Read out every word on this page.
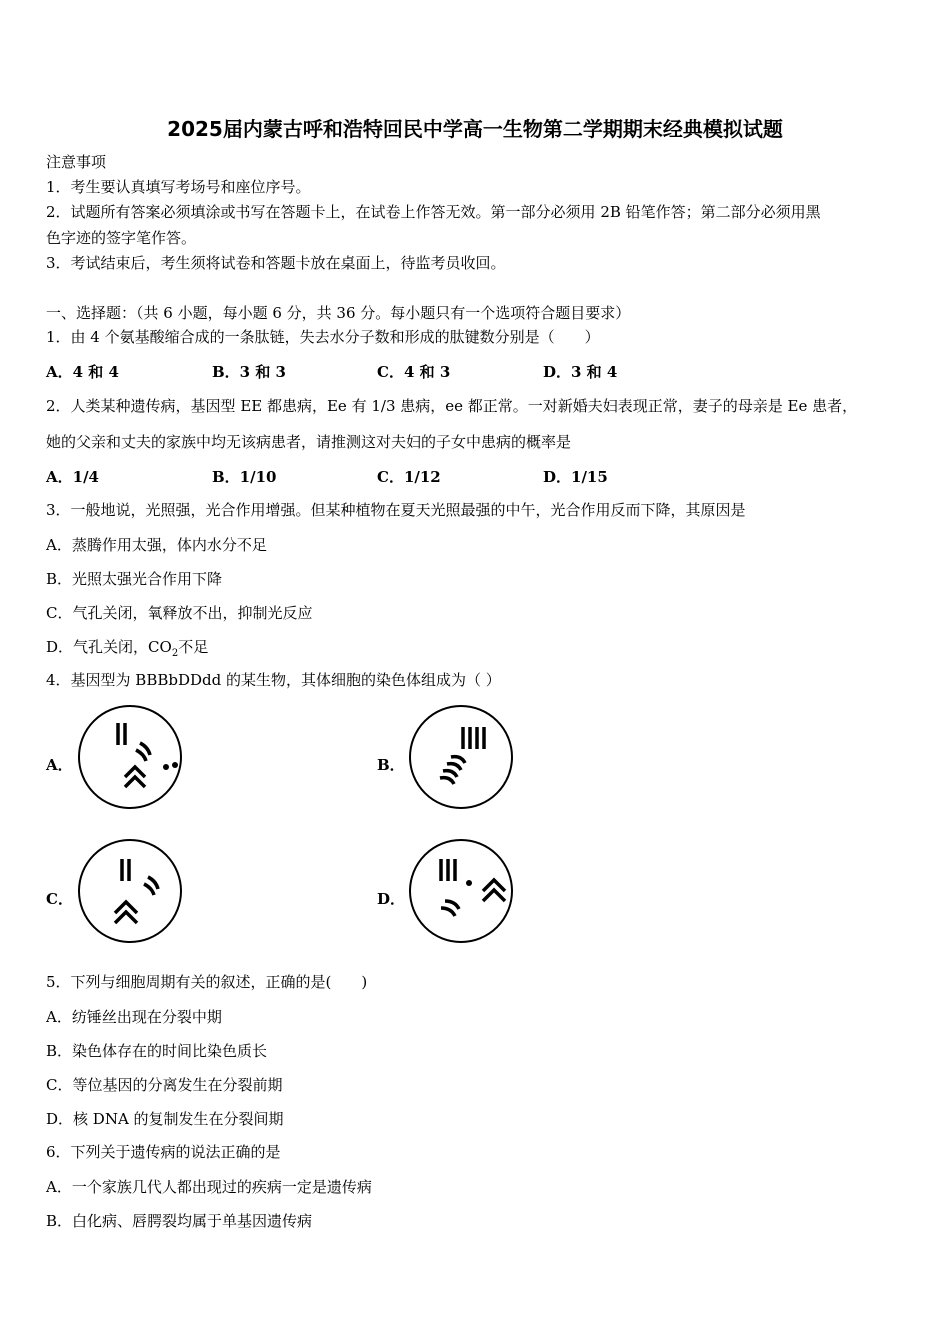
2025届内蒙古呼和浩特回民中学高一生物第二学期期末经典模拟试题
注意事项
1．考生要认真填写考场号和座位序号。
2．试题所有答案必须填涂或书写在答题卡上，在试卷上作答无效。第一部分必须用 2B 铅笔作答；第二部分必须用黑
色字迹的签字笔作答。
3．考试结束后，考生须将试卷和答题卡放在桌面上，待监考员收回。
一、选择题：（共 6 小题，每小题 6 分，共 36 分。每小题只有一个选项符合题目要求）
1．由 4 个氨基酸缩合成的一条肽链，失去水分子数和形成的肽键数分别是（　　）
A．4 和 4	B．3 和 3	C．4 和 3	D．3 和 4
2．人类某种遗传病，基因型 EE 都患病，Ee 有 1/3 患病，ee 都正常。一对新婚夫妇表现正常，妻子的母亲是 Ee 患者，
她的父亲和丈夫的家族中均无该病患者，请推测这对夫妇的子女中患病的概率是
A．1/4	B．1/10	C．1/12	D．1/15
3．一般地说，光照强，光合作用增强。但某种植物在夏天光照最强的中午，光合作用反而下降，其原因是
A．蒸腾作用太强，体内水分不足
B．光照太强光合作用下降
C．气孔关闭，氧释放不出，抑制光反应
D．气孔关闭，$CO_2$不足
4．基因型为 BBBbDDdd 的某生物，其体细胞的染色体组成为（ ）
A．	B．
C．	D．
5．下列与细胞周期有关的叙述，正确的是(　　)
A．纺锤丝出现在分裂中期
B．染色体存在的时间比染色质长
C．等位基因的分离发生在分裂前期
D．核 DNA 的复制发生在分裂间期
6．下列关于遗传病的说法正确的是
A．一个家族几代人都出现过的疾病一定是遗传病
B．白化病、唇腭裂均属于单基因遗传病
